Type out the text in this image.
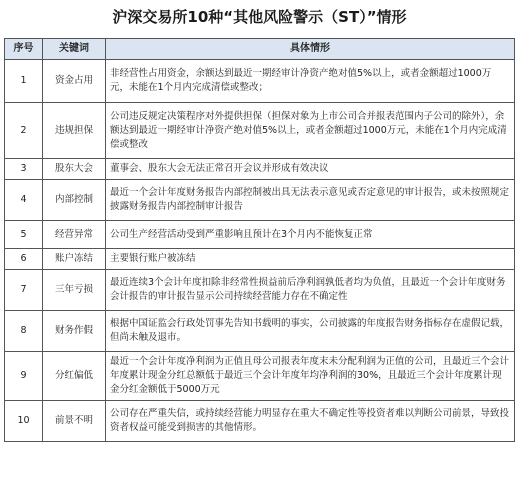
沪深交易所10种“其他风险警示（ST）”情形
序号	关键词	具体情形
1	资金占用	非经营性占用资金，余额达到最近一期经审计净资产绝对值5%以上，或者金额超过1000万元，未能在1个月内完成清偿或整改；
2	违规担保	公司违反规定决策程序对外提供担保（担保对象为上市公司合并报表范围内子公司的除外），余额达到最近一期经审计净资产绝对值5%以上，或者金额超过1000万元，未能在1个月内完成清偿或整改
3	股东大会	董事会、股东大会无法正常召开会议并形成有效决议
4	内部控制	最近一个会计年度财务报告内部控制被出具无法表示意见或否定意见的审计报告，或未按照规定披露财务报告内部控制审计报告
5	经营异常	公司生产经营活动受到严重影响且预计在3个月内不能恢复正常
6	账户冻结	主要银行账户被冻结
7	三年亏损	最近连续3个会计年度扣除非经常性损益前后净利润孰低者均为负值，且最近一个会计年度财务会计报告的审计报告显示公司持续经营能力存在不确定性
8	财务作假	根据中国证监会行政处罚事先告知书载明的事实，公司披露的年度报告财务指标存在虚假记载，但尚未触及退市。
9	分红偏低	最近一个会计年度净利润为正值且母公司报表年度末未分配利润为正值的公司，且最近三个会计年度累计现金分红总额低于最近三个会计年度年均净利润的30%，且最近三个会计年度累计现金分红金额低于5000万元
10	前景不明	公司存在严重失信，或持续经营能力明显存在重大不确定性等投资者难以判断公司前景，导致投资者权益可能受到损害的其他情形。
